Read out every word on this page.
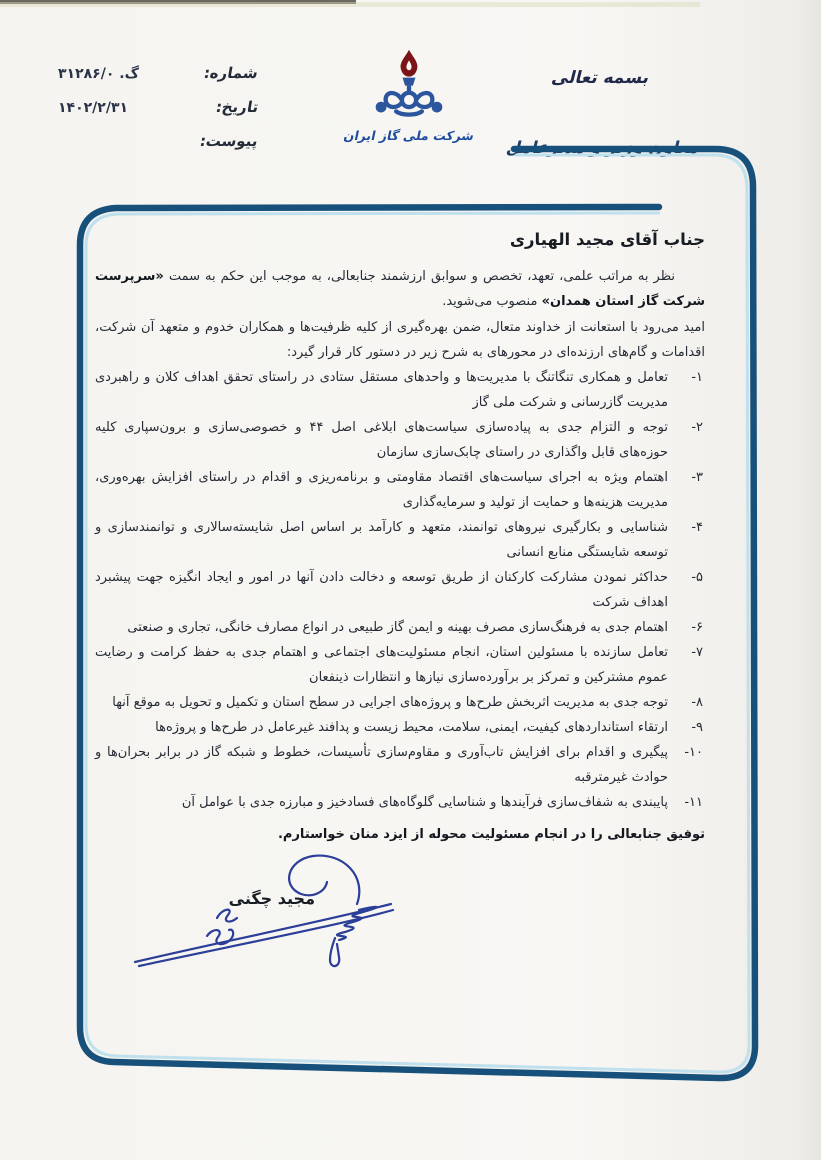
شماره:
گ. ۳۱۲۸۶/۰
تاریخ:
۱۴۰۲/۲/۳۱
پیوست:	شرکت ملی گاز ایران
بسمه تعالی
معاون وزیر و مدیرعامل
جناب آقای مجید الهیاری

نظر به مراتب علمی، تعهد، تخصص و سوابق ارزشمند جنابعالی، به موجب این حکم به سمت «سرپرست شرکت گاز استان همدان» منصوب می‌شوید.

امید می‌رود با استعانت از خداوند متعال، ضمن بهره‌گیری از کلیه ظرفیت‌ها و همکاران خدوم و متعهد آن شرکت، اقدامات و گام‌های ارزنده‌ای در محورهای به شرح زیر در دستور کار قرار گیرد:

۱-
تعامل و همکاری تنگاتنگ با مدیریت‌ها و واحدهای مستقل ستادی در راستای تحقق اهداف کلان و راهبردی مدیریت گازرسانی و شرکت ملی گاز
۲-
توجه و التزام جدی به پیاده‌سازی سیاست‌های ابلاغی اصل ۴۴ و خصوصی‌سازی و برون‌سپاری کلیه حوزه‌های قابل واگذاری در راستای چابک‌سازی سازمان
۳-
اهتمام ویژه به اجرای سیاست‌های اقتصاد مقاومتی و برنامه‌ریزی و اقدام در راستای افزایش بهره‌وری، مدیریت هزینه‌ها و حمایت از تولید و سرمایه‌گذاری
۴-
شناسایی و بکارگیری نیروهای توانمند، متعهد و کارآمد بر اساس اصل شایسته‌سالاری و توانمندسازی و توسعه شایستگی منابع انسانی
۵-
حداکثر نمودن مشارکت کارکنان از طریق توسعه و دخالت دادن آنها در امور و ایجاد انگیزه جهت پیشبرد اهداف شرکت
۶-
اهتمام جدی به فرهنگ‌سازی مصرف بهینه و ایمن گاز طبیعی در انواع مصارف خانگی، تجاری و صنعتی
۷-
تعامل سازنده با مسئولین استان، انجام مسئولیت‌های اجتماعی و اهتمام جدی به حفظ کرامت و رضایت عموم مشترکین و تمرکز بر برآورده‌سازی نیازها و انتظارات ذینفعان
۸-
توجه جدی به مدیریت اثربخش طرح‌ها و پروژه‌های اجرایی در سطح استان و تکمیل و تحویل به موقع آنها
۹-
ارتقاء استانداردهای کیفیت، ایمنی، سلامت، محیط زیست و پدافند غیرعامل در طرح‌ها و پروژه‌ها
۱۰-
پیگیری و اقدام برای افزایش تاب‌آوری و مقاوم‌سازی تأسیسات، خطوط و شبکه گاز در برابر بحران‌ها و حوادث غیرمترقبه
۱۱-
پایبندی به شفاف‌سازی فرآیندها و شناسایی گلوگاه‌های فسادخیز و مبارزه جدی با عوامل آن

توفیق جنابعالی را در انجام مسئولیت محوله از ایزد منان خواستارم.

مجید چگنی
